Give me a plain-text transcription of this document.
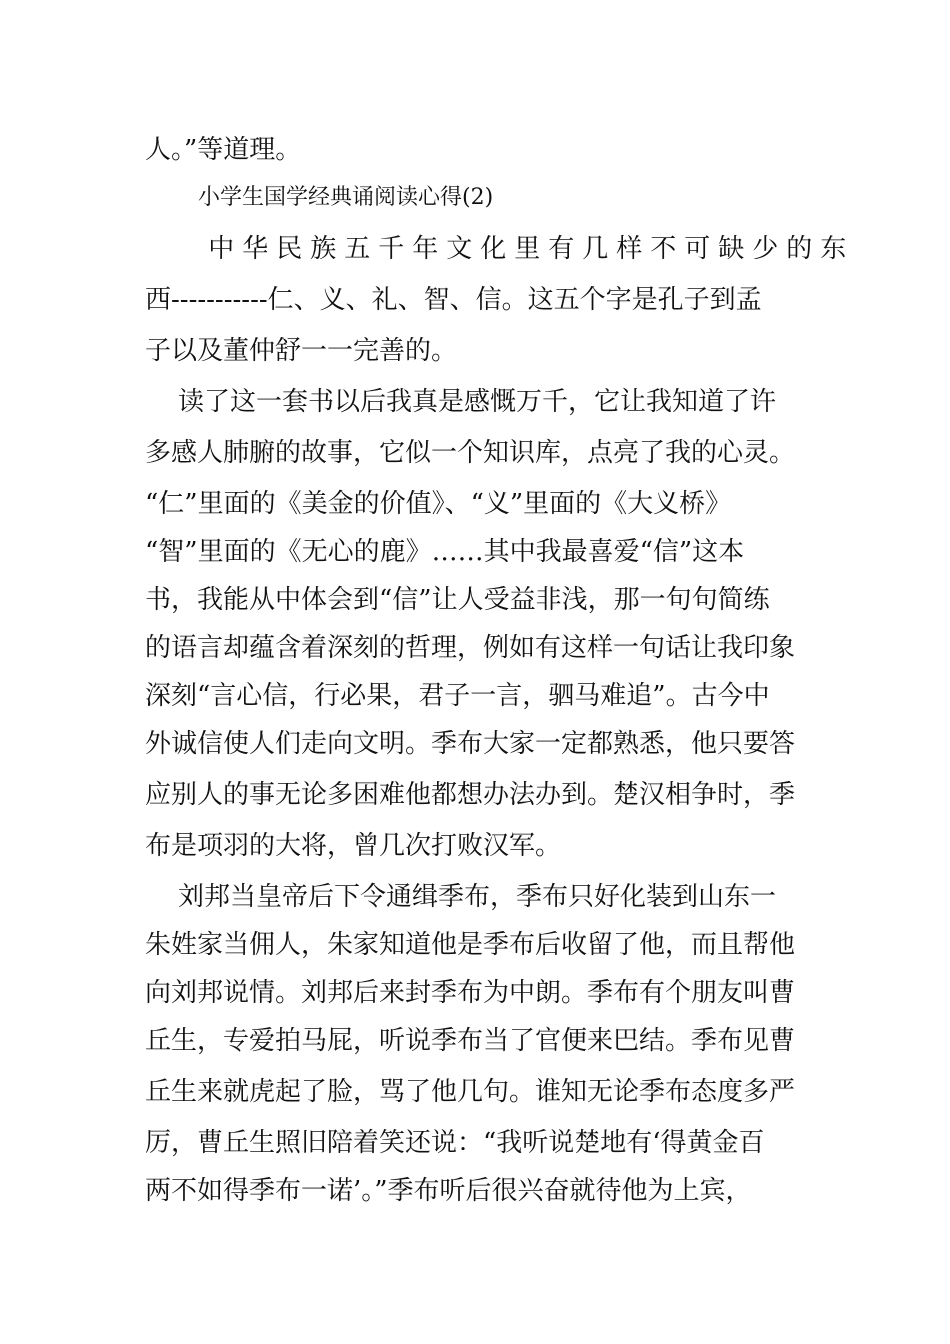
人。”等道理。
小学生国学经典诵阅读心得(2)
中华民族五千年文化里有几样不可缺少的东
西-----------仁、义、礼、智、信。这五个字是孔子到孟
子以及董仲舒一一完善的。
读了这一套书以后我真是感慨万千，它让我知道了许
多感人肺腑的故事，它似一个知识库，点亮了我的心灵。
“仁”里面的《美金的价值》、“义”里面的《大义桥》
“智”里面的《无心的鹿》……其中我最喜爱“信”这本
书，我能从中体会到“信”让人受益非浅，那一句句简练
的语言却蕴含着深刻的哲理，例如有这样一句话让我印象
深刻“言心信，行必果，君子一言，驷马难追”。古今中
外诚信使人们走向文明。季布大家一定都熟悉，他只要答
应别人的事无论多困难他都想办法办到。楚汉相争时，季
布是项羽的大将，曾几次打败汉军。
刘邦当皇帝后下令通缉季布，季布只好化装到山东一
朱姓家当佣人，朱家知道他是季布后收留了他，而且帮他
向刘邦说情。刘邦后来封季布为中朗。季布有个朋友叫曹
丘生，专爱拍马屁，听说季布当了官便来巴结。季布见曹
丘生来就虎起了脸，骂了他几句。谁知无论季布态度多严
厉，曹丘生照旧陪着笑还说：“我听说楚地有‘得黄金百
两不如得季布一诺’。”季布听后很兴奋就待他为上宾，
